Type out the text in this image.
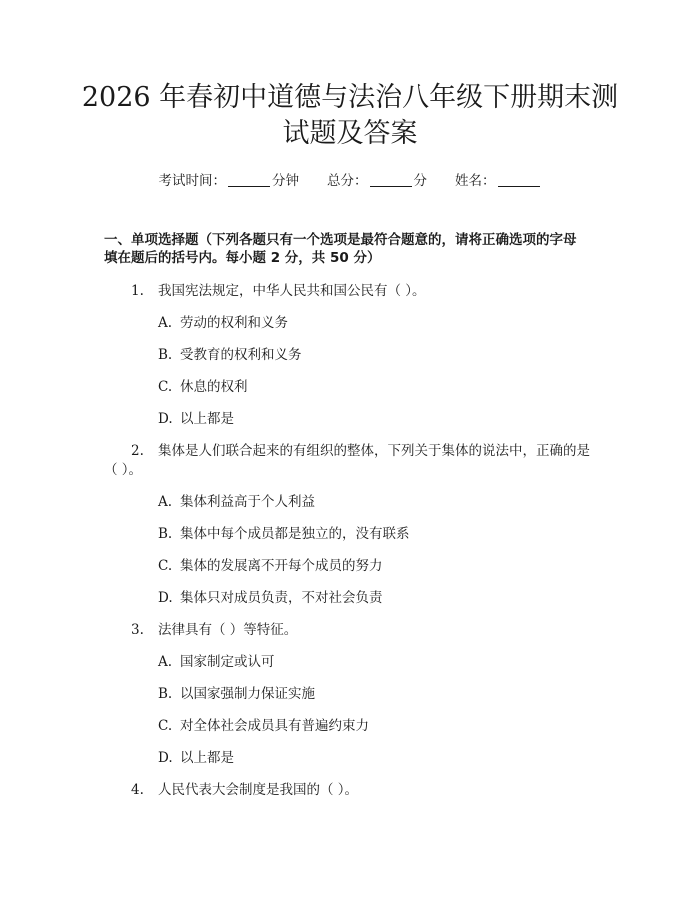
2026 年春初中道德与法治八年级下册期末测
试题及答案
考试时间：	分钟 总分：	分 姓名：
一、单项选择题（下列各题只有一个选项是最符合题意的，请将正确选项的字母
填在题后的括号内。每小题 2 分，共 50 分）
1. 我国宪法规定，中华人民共和国公民有（ ）。
A. 劳动的权利和义务
B. 受教育的权利和义务
C. 休息的权利
D. 以上都是
2. 集体是人们联合起来的有组织的整体，下列关于集体的说法中，正确的是
（ ）。
A. 集体利益高于个人利益
B. 集体中每个成员都是独立的，没有联系
C. 集体的发展离不开每个成员的努力
D. 集体只对成员负责，不对社会负责
3. 法律具有（ ）等特征。
A. 国家制定或认可
B. 以国家强制力保证实施
C. 对全体社会成员具有普遍约束力
D. 以上都是
4. 人民代表大会制度是我国的（ ）。
